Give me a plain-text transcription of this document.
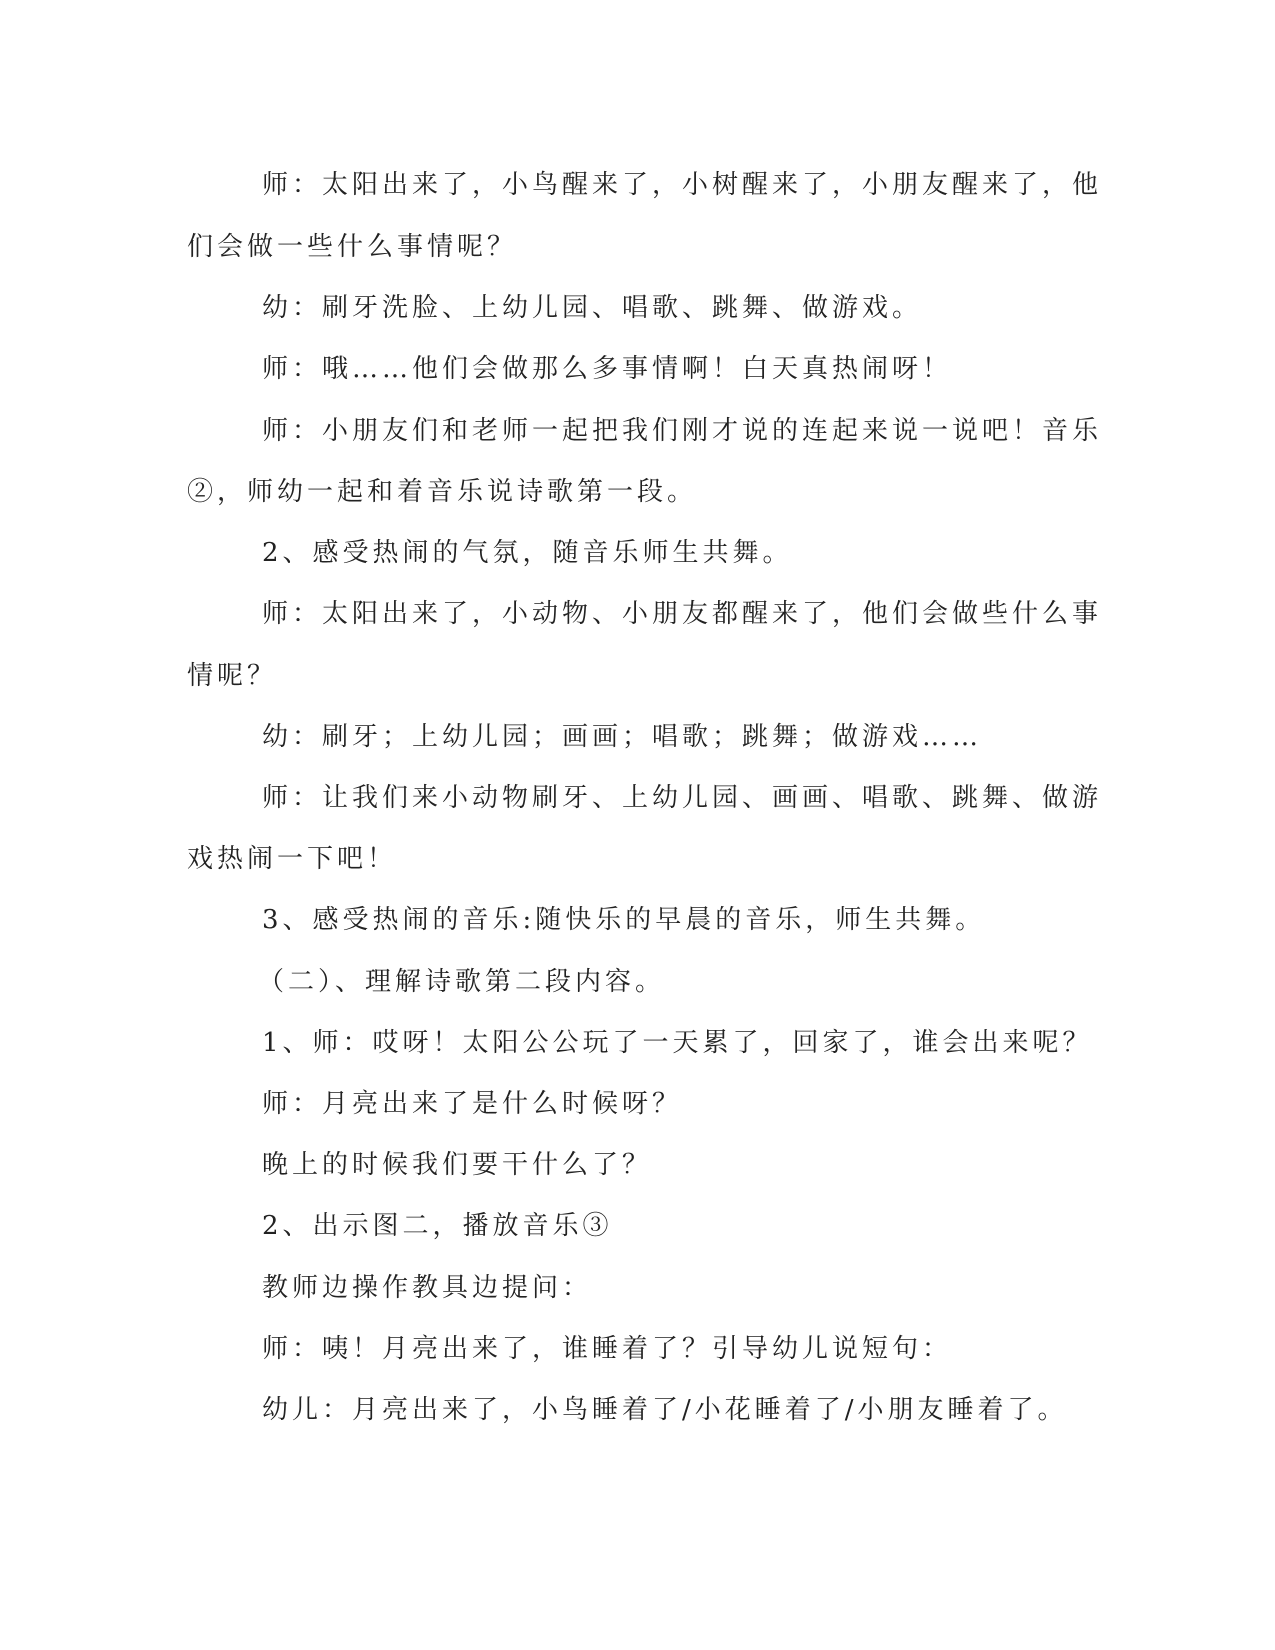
师：太阳出来了，小鸟醒来了，小树醒来了，小朋友醒来了，他
们会做一些什么事情呢？
幼：刷牙洗脸、上幼儿园、唱歌、跳舞、做游戏。
师：哦……他们会做那么多事情啊！白天真热闹呀！
师：小朋友们和老师一起把我们刚才说的连起来说一说吧！音乐
②，师幼一起和着音乐说诗歌第一段。
2、感受热闹的气氛，随音乐师生共舞。
师：太阳出来了，小动物、小朋友都醒来了，他们会做些什么事
情呢？
幼：刷牙；上幼儿园；画画；唱歌；跳舞；做游戏……
师：让我们来小动物刷牙、上幼儿园、画画、唱歌、跳舞、做游
戏热闹一下吧！
3、感受热闹的音乐:随快乐的早晨的音乐，师生共舞。
（二）、理解诗歌第二段内容。
1、师：哎呀！太阳公公玩了一天累了，回家了，谁会出来呢？
师：月亮出来了是什么时候呀？
晚上的时候我们要干什么了？
2、出示图二，播放音乐③
教师边操作教具边提问：
师：咦！月亮出来了，谁睡着了？引导幼儿说短句：
幼儿：月亮出来了，小鸟睡着了/小花睡着了/小朋友睡着了。
